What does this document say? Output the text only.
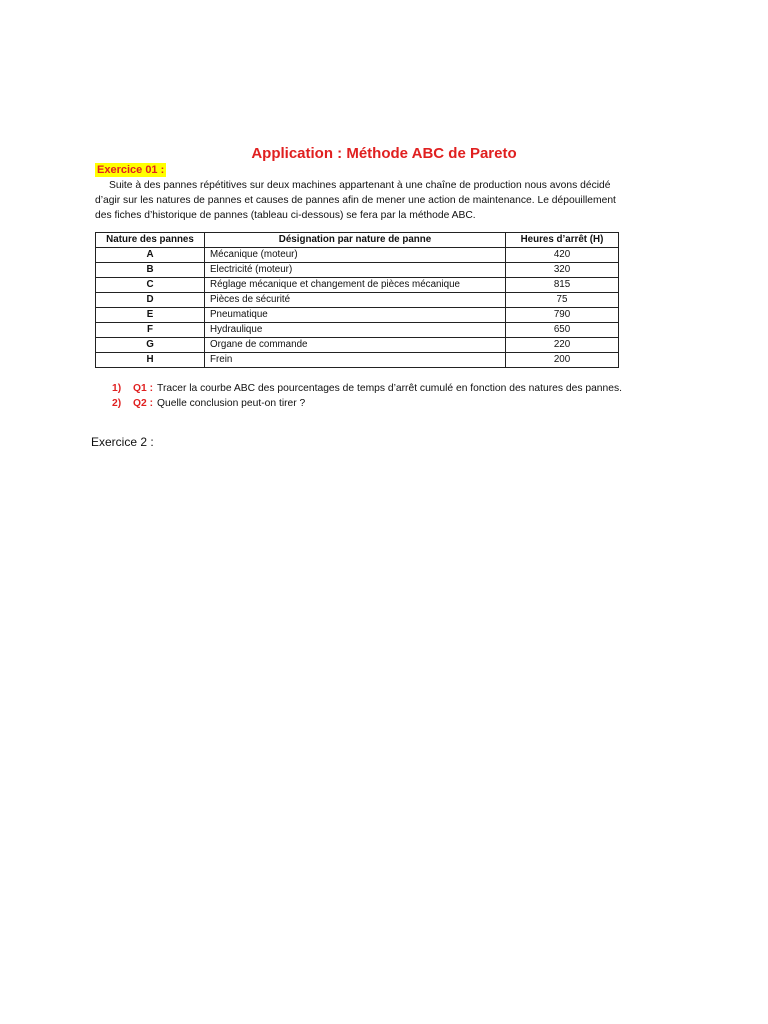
Application : Méthode ABC de Pareto
Exercice 01 :

Suite à des pannes répétitives sur deux machines appartenant à une chaîne de production nous avons décidé d’agir sur les natures de pannes et causes de pannes afin de mener une action de maintenance. Le dépouillement des fiches d’historique de pannes (tableau ci-dessous) se fera par la méthode ABC.

Nature des pannes	Désignation par nature de panne	Heures d’arrêt (H)
A	Mécanique (moteur)	420
B	Electricité (moteur)	320
C	Réglage mécanique et changement de pièces mécanique	815
D	Pièces de sécurité	75
E	Pneumatique	790
F	Hydraulique	650
G	Organe de commande	220
H	Frein	200
1)	Q1 : Tracer la courbe ABC des pourcentages de temps d’arrêt cumulé en fonction des natures des pannes.
2)	Q2 : Quelle conclusion peut-on tirer ?
Exercice 2 :
